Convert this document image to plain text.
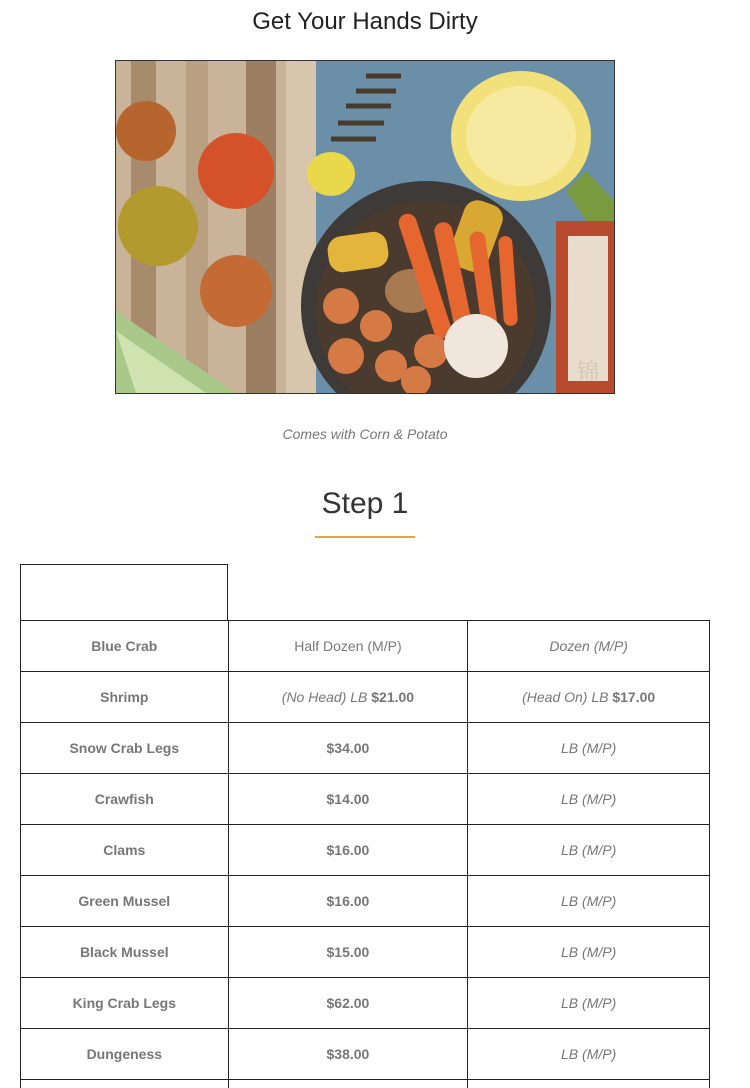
Get Your Hands Dirty
锦
Comes with Corn & Potato
Step 1
Blue Crab	Half Dozen (M/P)	Dozen (M/P)
Shrimp	(No Head) LB $21.00	(Head On) LB $17.00
Snow Crab Legs	$34.00	LB (M/P)
Crawfish	$14.00	LB (M/P)
Clams	$16.00	LB (M/P)
Green Mussel	$16.00	LB (M/P)
Black Mussel	$15.00	LB (M/P)
King Crab Legs	$62.00	LB (M/P)
Dungeness	$38.00	LB (M/P)
